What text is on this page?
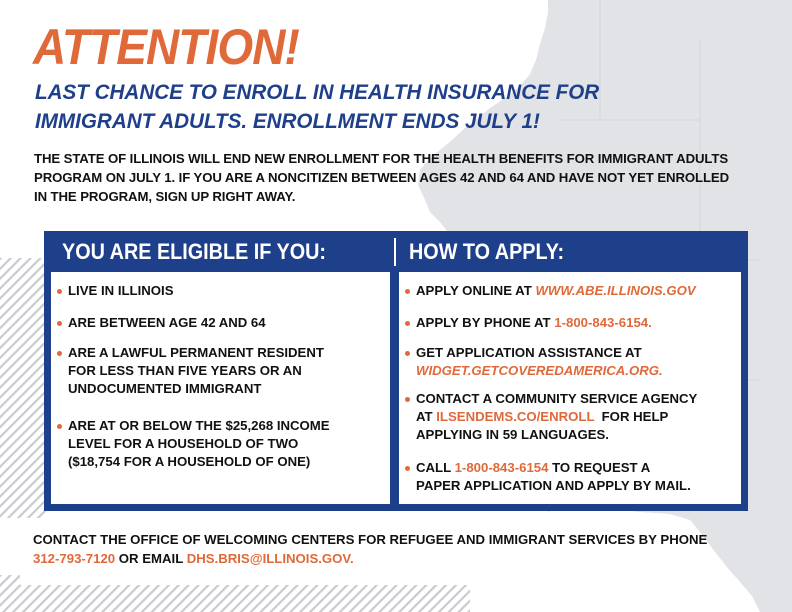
ATTENTION!
LAST CHANCE TO ENROLL IN HEALTH INSURANCE FOR
IMMIGRANT ADULTS. ENROLLMENT ENDS JULY 1!
THE STATE OF ILLINOIS WILL END NEW ENROLLMENT FOR THE HEALTH BENEFITS FOR IMMIGRANT ADULTS
PROGRAM ON JULY 1. IF YOU ARE A NONCITIZEN BETWEEN AGES 42 AND 64 AND HAVE NOT YET ENROLLED
IN THE PROGRAM, SIGN UP RIGHT AWAY.
YOU ARE ELIGIBLE IF YOU:	HOW TO APPLY:
LIVE IN ILLINOIS
ARE BETWEEN AGE 42 AND 64
ARE A LAWFUL PERMANENT RESIDENT
FOR LESS THAN FIVE YEARS OR AN
UNDOCUMENTED IMMIGRANT
ARE AT OR BELOW THE $25,268 INCOME
LEVEL FOR A HOUSEHOLD OF TWO
($18,754 FOR A HOUSEHOLD OF ONE)
APPLY ONLINE AT WWW.ABE.ILLINOIS.GOV
APPLY BY PHONE AT 1-800-843-6154.
GET APPLICATION ASSISTANCE AT
WIDGET.GETCOVEREDAMERICA.ORG.
CONTACT A COMMUNITY SERVICE AGENCY
AT ILSENDEMS.CO/ENROLL  FOR HELP
APPLYING IN 59 LANGUAGES.
CALL 1-800-843-6154 TO REQUEST A
PAPER APPLICATION AND APPLY BY MAIL.
CONTACT THE OFFICE OF WELCOMING CENTERS FOR REFUGEE AND IMMIGRANT SERVICES BY PHONE
312-793-7120 OR EMAIL DHS.BRIS@ILLINOIS.GOV.
